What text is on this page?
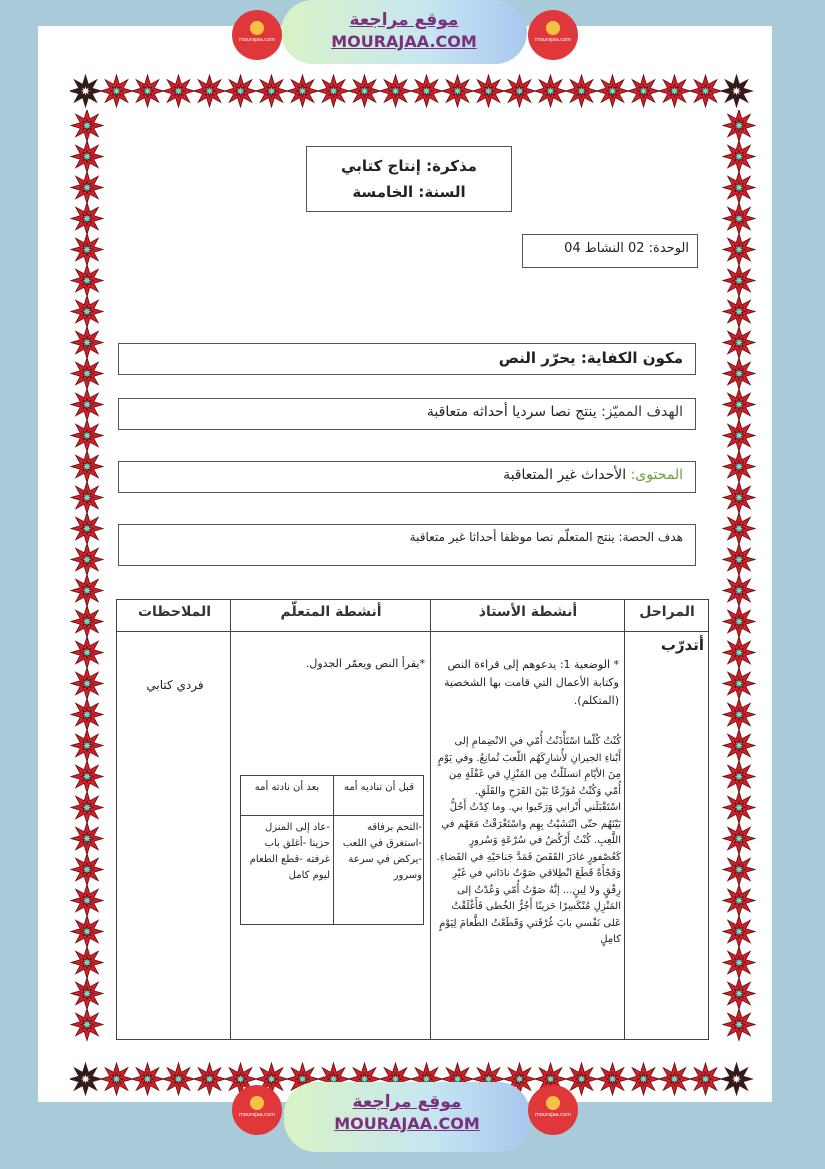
موقع مراجعة
MOURAJAA.COM
mourajaa.com	mourajaa.com
مذكرة: إنتاج كتابي
السنة: الخامسة
الوحدة: 02 النشاط 04
مكون الكفاية: يحرّر النص
الهدف المميّز: ينتج نصا سرديا أحداثه متعاقبة
المحتوى: الأحداث غير المتعاقبة
هدف الحصة: ينتج المتعلّم نصا موظفا أحداثا غير متعاقبة
المراحل
أنشطة الأستاذ
أنشطة المتعلّم
الملاحظات
أتدرّب
* الوضعية 1: يدعوهم إلى قراءة النص وكتابة الأعمال التي قامت بها الشخصية (المتكلم).
كُنْتُ كُلّما اسْتَأْذَنْتُ أُمّي في الانْضِمامِ إلى أَبْناءِ الجيرانِ لأُشارِكَهُم اللّعبَ تُمانِعُ. وفي يَوْمٍ مِنَ الأيّامِ انسلَلْتُ مِن المَنْزِلِ في غَفْلَةٍ مِن أُمّي وَكُنْتُ مُوَزّعًا بَيْنَ الفَرَحِ والقَلَقِ. اسْتَقْبَلَني أَتْرابي وَرَحّبوا بي. وما كِدْتُ أَحُلُّ بَيْنَهُم حتّى انْتَشَيْتُ بِهِم واسْتَغْرَقْتُ مَعَهُم في اللَّعِبِ. كُنْتُ أَرْكُضُ في سُرْعَةٍ وَسُرورٍ كَعُصْفورٍ غادَرَ القَفَصَ فَمَدَّ جَناحَيْهِ في الفَضاءِ. وَفَجْأَةً قَطَعَ انْطِلاقي صَوْتٌ نادَاني في غَيْرِ رِفْقٍ ولا لِينٍ... إنَّهُ صَوْتُ أُمّي وَعُدْتُ إلى المَنْزِلِ مُنْكَسِرًا حَزينًا أَجُرُّ الخُطى فَأَغْلَقْتُ عَلى نَفْسي بابَ غُرْفَتي وَقَطَعْتُ الطَّعامَ لِيَوْمٍ كامِلٍ
*يقرأ النص ويعمّر الجدول.
فردي كتابي
قبل أن تناديه أمه
بعد أن نادته أمه
-التحم برفاقه -استغرق في اللعب -يركض في سرعة وسرور
-عاد إلى المنزل حزينا -أغلق باب غرفته -قطع الطعام ليوم كامل
موقع مراجعة
MOURAJAA.COM
mourajaa.com	mourajaa.com
